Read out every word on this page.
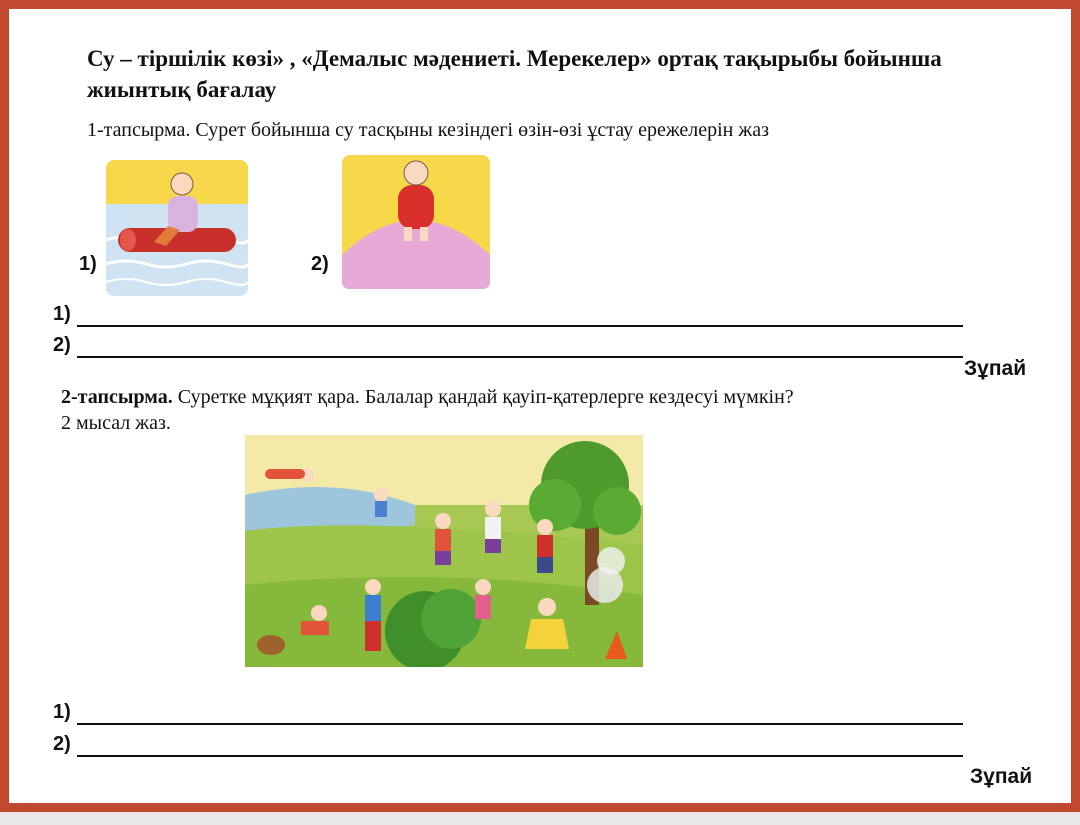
Су – тіршілік көзі» , «Демалыс мәдениеті. Мерекелер» ортақ тақырыбы бойынша жиынтық бағалау
1-тапсырма. Сурет бойынша су тасқыны кезіндегі өзін-өзі ұстау ережелерін жаз
1)	2)
1)
2)
Зұпай
2-тапсырма. Суретке мұқият қара. Балалар қандай қауіп-қатерлерге кездесуі мүмкін?
2 мысал жаз.
1)
2)
Зұпай
